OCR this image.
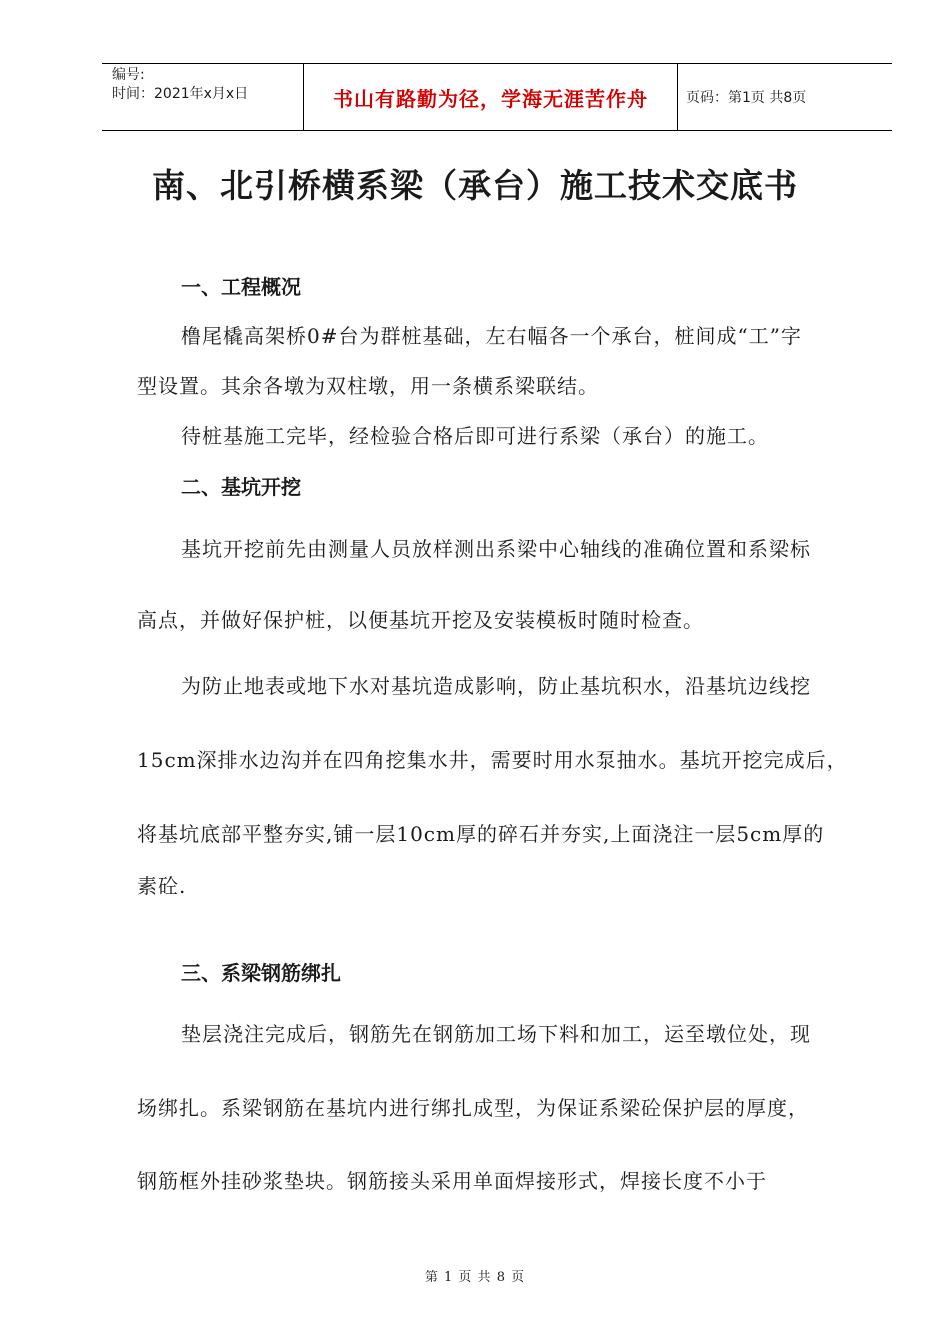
编号:
时间：2021年x月x日	书山有路勤为径，学海无涯苦作舟	页码：第1页 共8页
南、北引桥横系梁（承台）施工技术交底书
一、工程概况
橹尾橇高架桥0#台为群桩基础，左右幅各一个承台，桩间成“工”字
型设置。其余各墩为双柱墩，用一条横系梁联结。
待桩基施工完毕，经检验合格后即可进行系梁（承台）的施工。
二、基坑开挖
基坑开挖前先由测量人员放样测出系梁中心轴线的准确位置和系梁标
高点，并做好保护桩，以便基坑开挖及安装模板时随时检查。
为防止地表或地下水对基坑造成影响，防止基坑积水，沿基坑边线挖
15cm深排水边沟并在四角挖集水井，需要时用水泵抽水。基坑开挖完成后，
将基坑底部平整夯实,铺一层10cm厚的碎石并夯实,上面浇注一层5cm厚的
素砼.
三、系梁钢筋绑扎
垫层浇注完成后，钢筋先在钢筋加工场下料和加工，运至墩位处，现
场绑扎。系梁钢筋在基坑内进行绑扎成型，为保证系梁砼保护层的厚度，
钢筋框外挂砂浆垫块。钢筋接头采用单面焊接形式，焊接长度不小于
第 1 页 共 8 页
